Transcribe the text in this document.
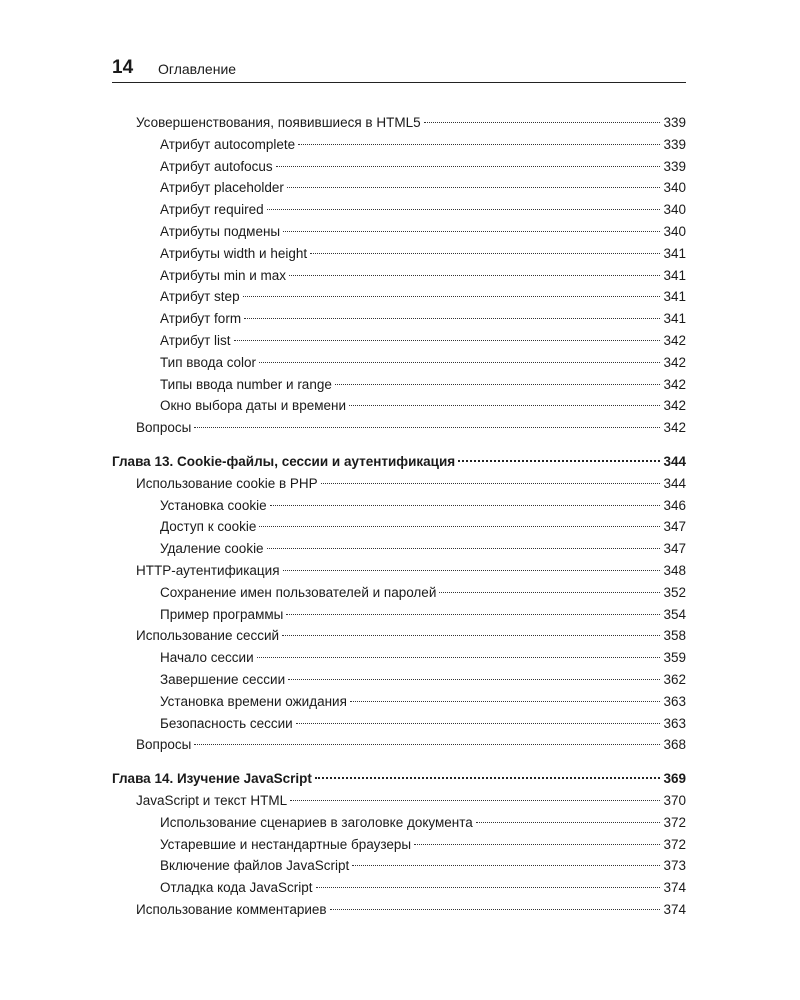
14 Оглавление
Усовершенствования, появившиеся в HTML5	339
Атрибут autocomplete	339
Атрибут autofocus	339
Атрибут placeholder	340
Атрибут required	340
Атрибуты подмены	340
Атрибуты width и height	341
Атрибуты min и max	341
Атрибут step	341
Атрибут form	341
Атрибут list	342
Тип ввода color	342
Типы ввода number и range	342
Окно выбора даты и времени	342
Вопросы	342
Глава 13. Cookie-файлы, сессии и аутентификация	344
Использование cookie в PHP	344
Установка cookie	346
Доступ к cookie	347
Удаление cookie	347
HTTP-аутентификация	348
Сохранение имен пользователей и паролей	352
Пример программы	354
Использование сессий	358
Начало сессии	359
Завершение сессии	362
Установка времени ожидания	363
Безопасность сессии	363
Вопросы	368
Глава 14. Изучение JavaScript	369
JavaScript и текст HTML	370
Использование сценариев в заголовке документа	372
Устаревшие и нестандартные браузеры	372
Включение файлов JavaScript	373
Отладка кода JavaScript	374
Использование комментариев	374
